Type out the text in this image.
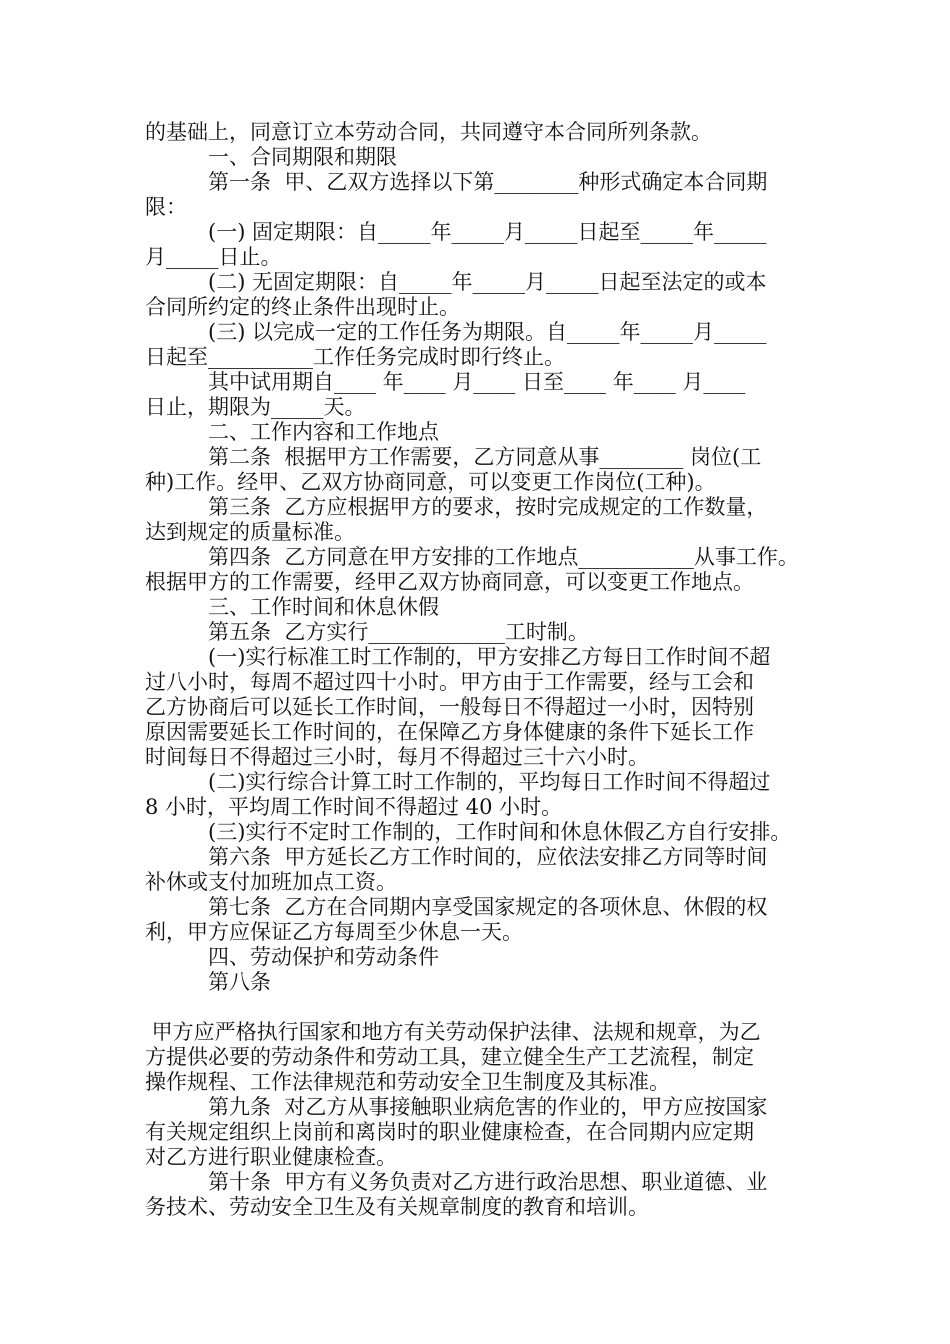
的基础上，同意订立本劳动合同，共同遵守本合同所列条款。
　　　一、合同期限和期限
　　　第一条  甲、乙双方选择以下第________种形式确定本合同期
限：
　　　(一) 固定期限：自_____年_____月_____日起至_____年_____
月_____日止。
　　　(二) 无固定期限：自_____年_____月_____日起至法定的或本
合同所约定的终止条件出现时止。
　　　(三) 以完成一定的工作任务为期限。自_____年_____月_____
日起至__________工作任务完成时即行终止。
　　　其中试用期自____ 年____ 月____ 日至____ 年____ 月____
日止，期限为_____天。
　　　二、工作内容和工作地点
　　　第二条  根据甲方工作需要，乙方同意从事________ 岗位(工
种)工作。经甲、乙双方协商同意，可以变更工作岗位(工种)。
　　　第三条  乙方应根据甲方的要求，按时完成规定的工作数量，
达到规定的质量标准。
　　　第四条  乙方同意在甲方安排的工作地点___________从事工作。
根据甲方的工作需要，经甲乙双方协商同意，可以变更工作地点。
　　　三、工作时间和休息休假
　　　第五条  乙方实行_____________工时制。
　　　(一)实行标准工时工作制的，甲方安排乙方每日工作时间不超
过八小时，每周不超过四十小时。甲方由于工作需要，经与工会和
乙方协商后可以延长工作时间，一般每日不得超过一小时，因特别
原因需要延长工作时间的，在保障乙方身体健康的条件下延长工作
时间每日不得超过三小时，每月不得超过三十六小时。
　　　(二)实行综合计算工时工作制的，平均每日工作时间不得超过
8 小时，平均周工作时间不得超过 40 小时。
　　　(三)实行不定时工作制的，工作时间和休息休假乙方自行安排。
　　　第六条  甲方延长乙方工作时间的，应依法安排乙方同等时间
补休或支付加班加点工资。
　　　第七条  乙方在合同期内享受国家规定的各项休息、休假的权
利，甲方应保证乙方每周至少休息一天。
　　　四、劳动保护和劳动条件
　　　第八条
甲方应严格执行国家和地方有关劳动保护法律、法规和规章，为乙
方提供必要的劳动条件和劳动工具，建立健全生产工艺流程，制定
操作规程、工作法律规范和劳动安全卫生制度及其标准。
　　　第九条  对乙方从事接触职业病危害的作业的，甲方应按国家
有关规定组织上岗前和离岗时的职业健康检查，在合同期内应定期
对乙方进行职业健康检查。
　　　第十条  甲方有义务负责对乙方进行政治思想、职业道德、业
务技术、劳动安全卫生及有关规章制度的教育和培训。
